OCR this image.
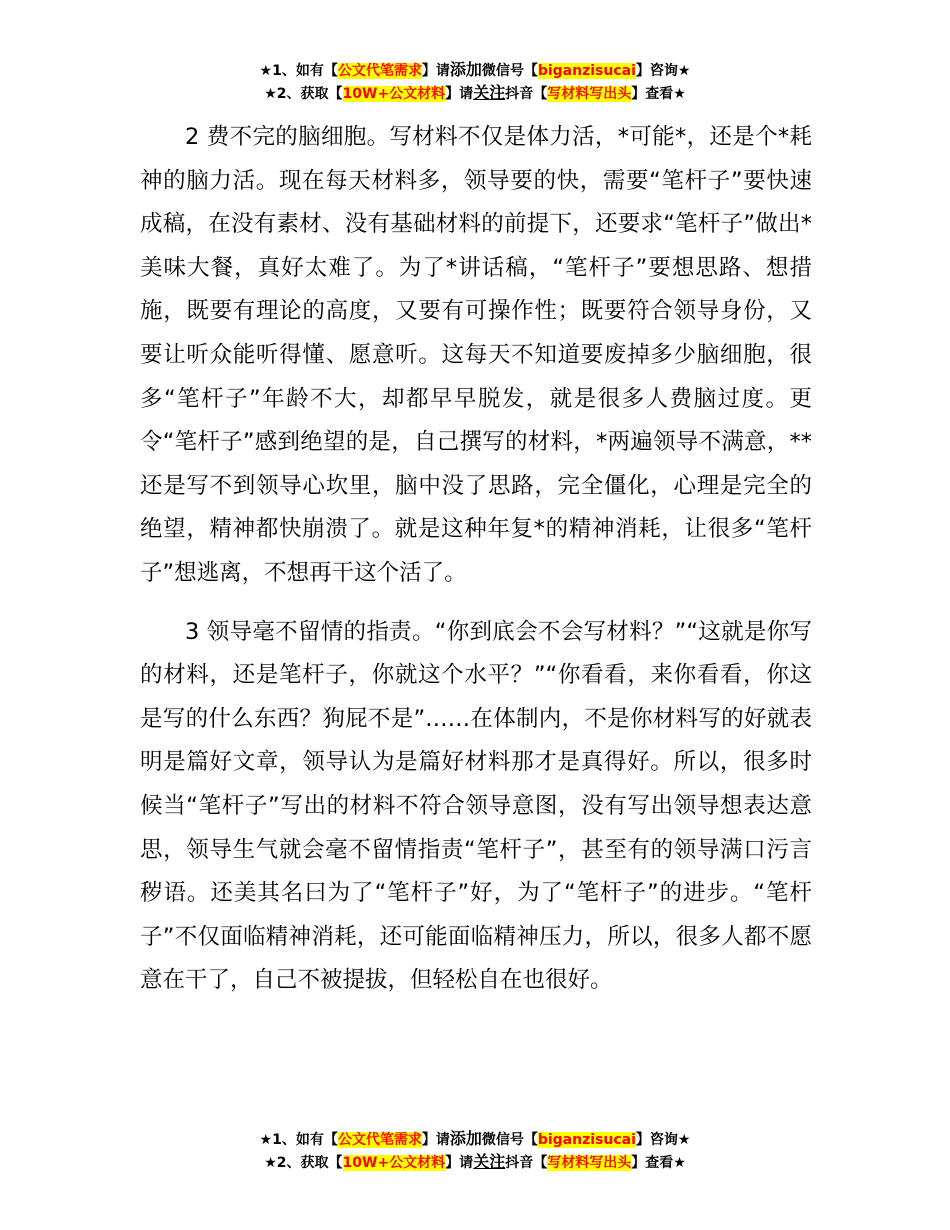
★1、如有【公文代笔需求】请添加微信号【biganzisucai】咨询★
★2、获取【10W+公文材料】请关注抖音【写材料写出头】查看★

2 费不完的脑细胞。写材料不仅是体力活，*可能*，还是个*耗神的脑力活。现在每天材料多，领导要的快，需要“笔杆子”要快速成稿，在没有素材、没有基础材料的前提下，还要求“笔杆子”做出*美味大餐，真好太难了。为了*讲话稿，“笔杆子”要想思路、想措施，既要有理论的高度，又要有可操作性；既要符合领导身份，又要让听众能听得懂、愿意听。这每天不知道要废掉多少脑细胞，很多“笔杆子”年龄不大，却都早早脱发，就是很多人费脑过度。更令“笔杆子”感到绝望的是，自己撰写的材料，*两遍领导不满意，**还是写不到领导心坎里，脑中没了思路，完全僵化，心理是完全的绝望，精神都快崩溃了。就是这种年复*的精神消耗，让很多“笔杆子”想逃离，不想再干这个活了。

3 领导毫不留情的指责。“你到底会不会写材料？”“这就是你写的材料，还是笔杆子，你就这个水平？”“你看看，来你看看，你这是写的什么东西？狗屁不是”……在体制内，不是你材料写的好就表明是篇好文章，领导认为是篇好材料那才是真得好。所以，很多时候当“笔杆子”写出的材料不符合领导意图，没有写出领导想表达意思，领导生气就会毫不留情指责“笔杆子”，甚至有的领导满口污言秽语。还美其名曰为了“笔杆子”好，为了“笔杆子”的进步。“笔杆子”不仅面临精神消耗，还可能面临精神压力，所以，很多人都不愿意在干了，自己不被提拔，但轻松自在也很好。

★1、如有【公文代笔需求】请添加微信号【biganzisucai】咨询★
★2、获取【10W+公文材料】请关注抖音【写材料写出头】查看★
